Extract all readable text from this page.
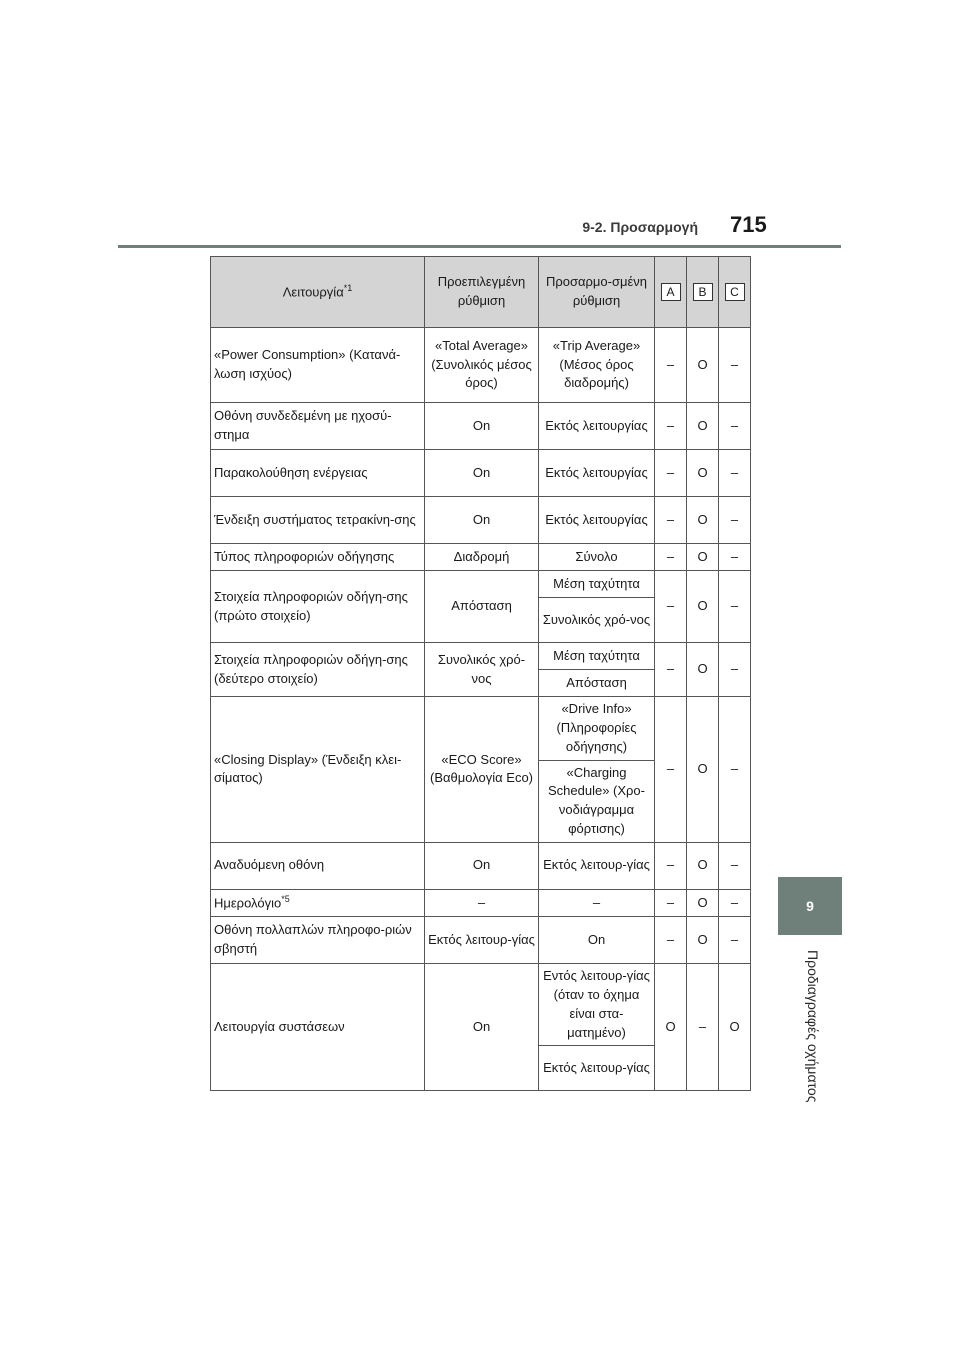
9-2. Προσαρμογή 715
9
Προδιαγραφές οχήματος
Λειτουργία$^{*1}$	Προεπιλεγμένη ρύθμιση	Προσαρμο-σμένη ρύθμιση	A	B	C
«Power Consumption» (Κατανά-λωση ισχύος)	«Total Average» (Συνολικός μέσος όρος)	«Trip Average» (Μέσος όρος διαδρομής)	–	O	–
Οθόνη συνδεδεμένη με ηχοσύ-στημα	On	Εκτός λειτουργίας	–	O	–
Παρακολούθηση ενέργειας	On	Εκτός λειτουργίας	–	O	–
Ένδειξη συστήματος τετρακίνη-σης	On	Εκτός λειτουργίας	–	O	–
Τύπος πληροφοριών οδήγησης	Διαδρομή	Σύνολο	–	O	–
Στοιχεία πληροφοριών οδήγη-σης (πρώτο στοιχείο)	Απόσταση	Μέση ταχύτητα	–	O	–
		Συνολικός χρό-νος			
Στοιχεία πληροφοριών οδήγη-σης (δεύτερο στοιχείο)	Συνολικός χρό-νος	Μέση ταχύτητα	–	O	–
		Απόσταση			
«Closing Display» (Ένδειξη κλει-σίματος)	«ECO Score» (Βαθμολογία Eco)	«Drive Info» (Πληροφορίες οδήγησης)	–	O	–
		«Charging Schedule» (Χρο-νοδιάγραμμα φόρτισης)			
Αναδυόμενη οθόνη	On	Εκτός λειτουρ-γίας	–	O	–
Ημερολόγιο$^{*5}$	–	–	–	O	–
Οθόνη πολλαπλών πληροφο-ριών σβηστή	Εκτός λειτουρ-γίας	On	–	O	–
Λειτουργία συστάσεων	On	Εντός λειτουρ-γίας (όταν το όχημα είναι στα-ματημένο)	O	–	O
		Εκτός λειτουρ-γίας			
